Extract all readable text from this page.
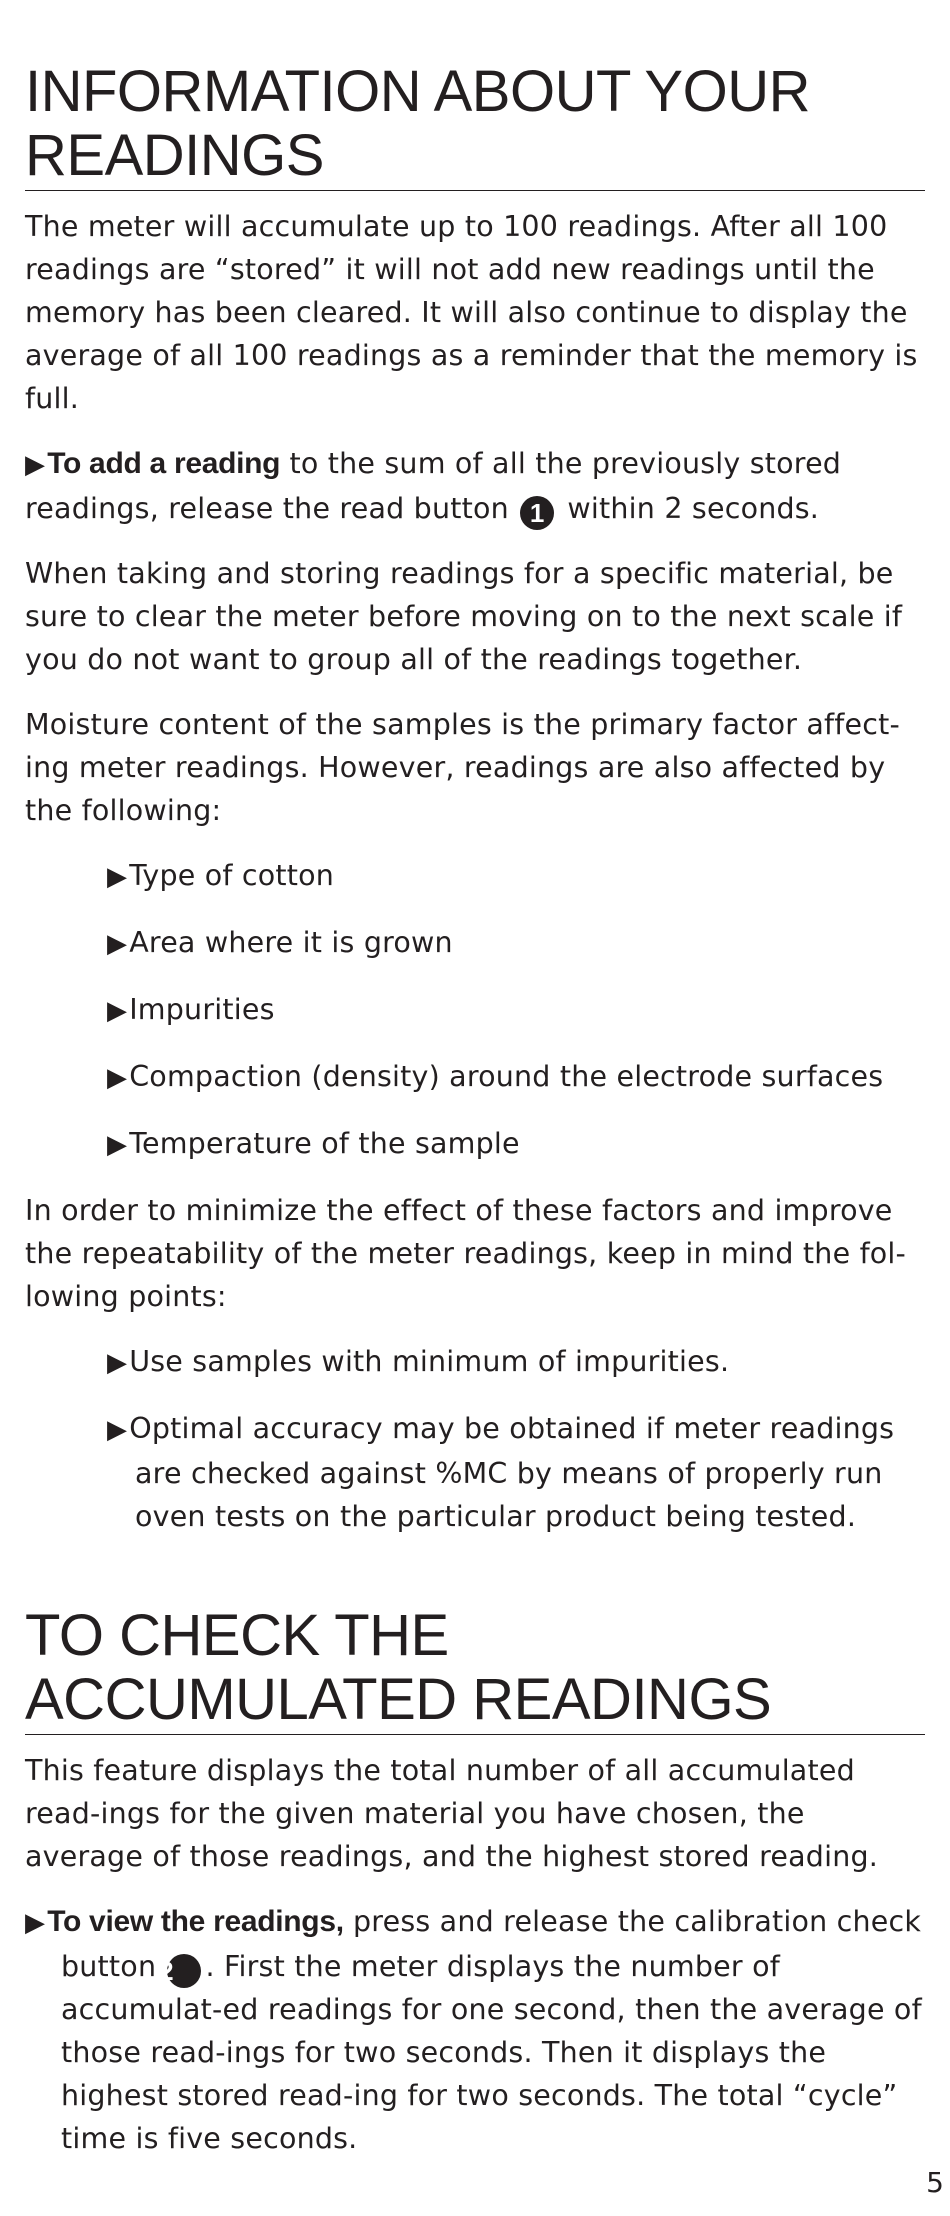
INFORMATION ABOUT YOUR
READINGS

The meter will accumulate up to 100 readings. After all 100 readings are “stored” it will not add new readings until the memory has been cleared. It will also continue to display the average of all 100 readings as a reminder that the memory is full.

▶To add a reading to the sum of all the previously stored readings, release the read button 1 within 2 seconds.

When taking and storing readings for a specific material, be sure to clear the meter before moving on to the next scale if you do not want to group all of the readings together.

Moisture content of the samples is the primary factor affect-ing meter readings. However, readings are also affected by the following:

▶Type of cotton
▶Area where it is grown
▶Impurities
▶Compaction (density) around the electrode surfaces
▶Temperature of the sample

In order to minimize the effect of these factors and improve the repeatability of the meter readings, keep in mind the fol-lowing points:

▶Use samples with minimum of impurities.
▶Optimal accuracy may be obtained if meter readings are checked against %MC by means of properly run oven tests on the particular product being tested.
TO CHECK THE
ACCUMULATED READINGS

This feature displays the total number of all accumulated read-ings for the given material you have chosen, the average of those readings, and the highest stored reading.

▶To view the readings, press and release the calibration check button 2 . First the meter displays the number of accumulat-ed readings for one second, then the average of those read-ings for two seconds. Then it displays the highest stored read-ing for two seconds. The total “cycle” time is five seconds.

5
